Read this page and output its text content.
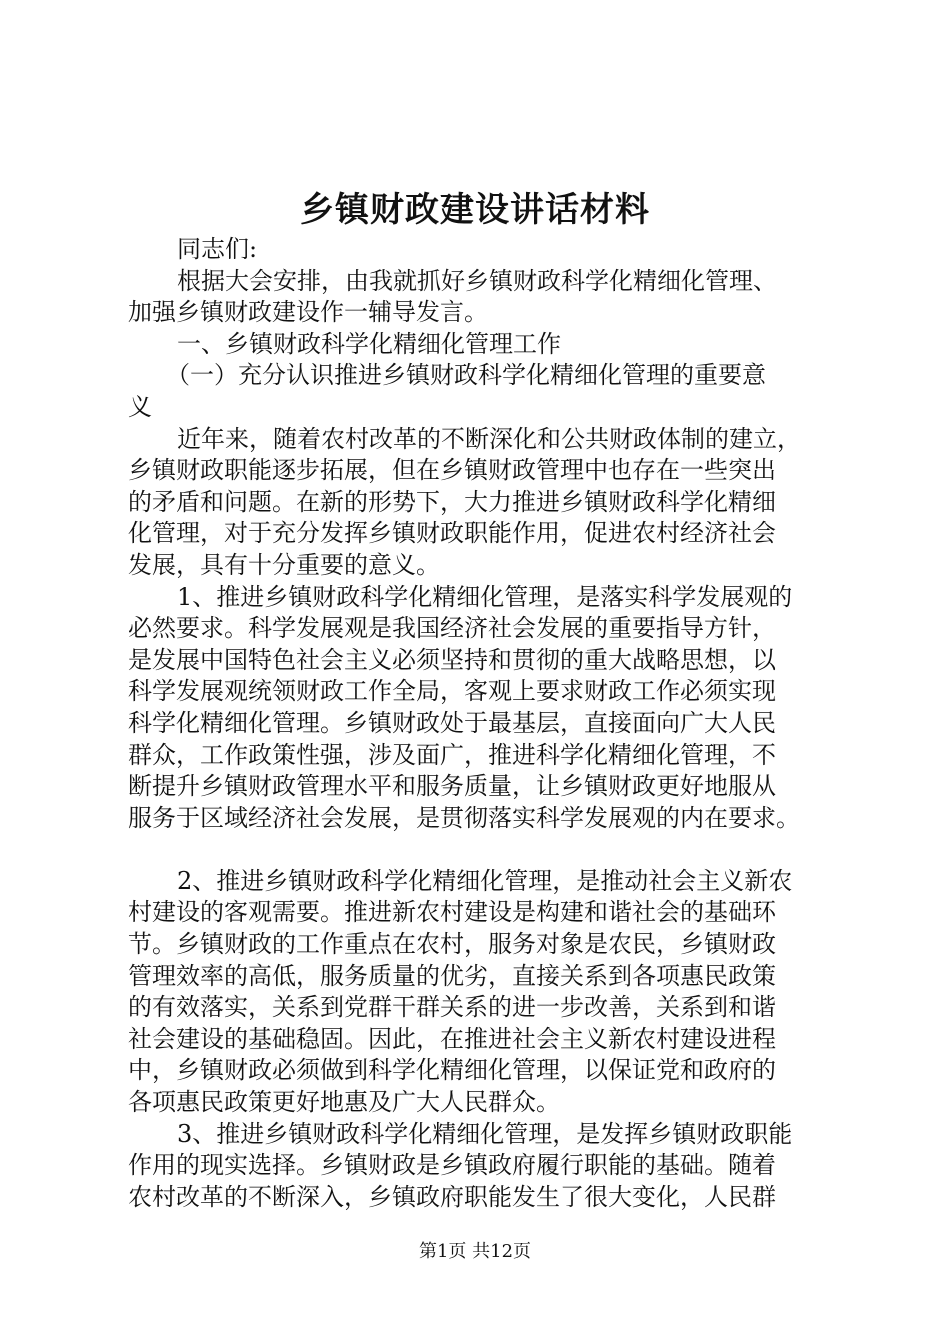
乡镇财政建设讲话材料
同志们:
根据大会安排，由我就抓好乡镇财政科学化精细化管理、
加强乡镇财政建设作一辅导发言。
一、乡镇财政科学化精细化管理工作
（一）充分认识推进乡镇财政科学化精细化管理的重要意
义
近年来，随着农村改革的不断深化和公共财政体制的建立，
乡镇财政职能逐步拓展，但在乡镇财政管理中也存在一些突出
的矛盾和问题。在新的形势下，大力推进乡镇财政科学化精细
化管理，对于充分发挥乡镇财政职能作用，促进农村经济社会
发展，具有十分重要的意义。
1、推进乡镇财政科学化精细化管理，是落实科学发展观的
必然要求。科学发展观是我国经济社会发展的重要指导方针，
是发展中国特色社会主义必须坚持和贯彻的重大战略思想，以
科学发展观统领财政工作全局，客观上要求财政工作必须实现
科学化精细化管理。乡镇财政处于最基层，直接面向广大人民
群众，工作政策性强，涉及面广，推进科学化精细化管理，不
断提升乡镇财政管理水平和服务质量，让乡镇财政更好地服从
服务于区域经济社会发展，是贯彻落实科学发展观的内在要求。
2、推进乡镇财政科学化精细化管理，是推动社会主义新农
村建设的客观需要。推进新农村建设是构建和谐社会的基础环
节。乡镇财政的工作重点在农村，服务对象是农民，乡镇财政
管理效率的高低，服务质量的优劣，直接关系到各项惠民政策
的有效落实，关系到党群干群关系的进一步改善，关系到和谐
社会建设的基础稳固。因此，在推进社会主义新农村建设进程
中，乡镇财政必须做到科学化精细化管理，以保证党和政府的
各项惠民政策更好地惠及广大人民群众。
3、推进乡镇财政科学化精细化管理，是发挥乡镇财政职能
作用的现实选择。乡镇财政是乡镇政府履行职能的基础。随着
农村改革的不断深入，乡镇政府职能发生了很大变化，人民群
第1页 共12页
